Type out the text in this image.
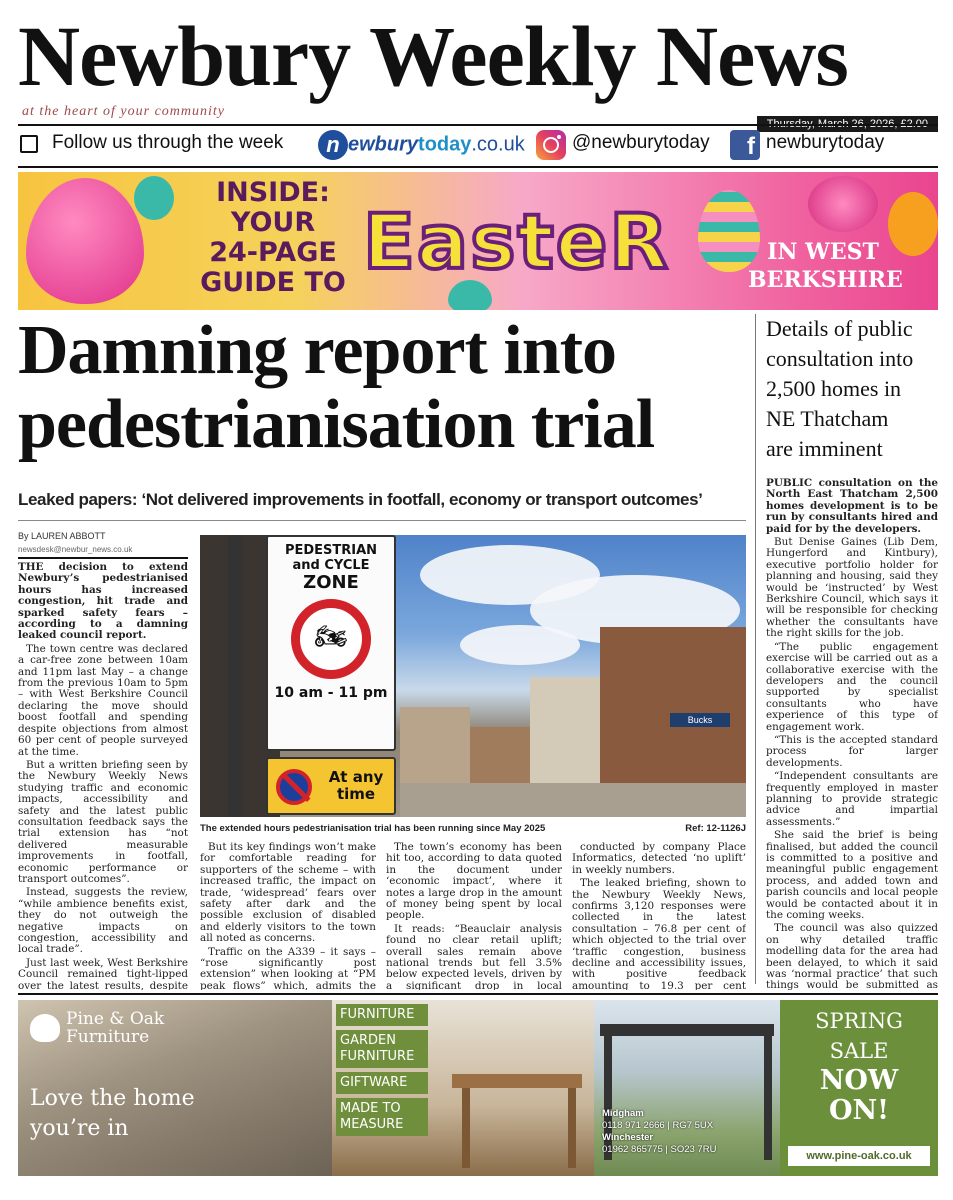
Newbury Weekly News
at the heart of your community
Follow us through the week	n ewburytoday.co.uk @newburytoday	f newburytoday
INSIDE:
YOUR
24-PAGE
GUIDE TO EasteR	IN WEST
BERKSHIRE
Damning report into
pedestrianisation trial
Leaked papers: ‘Not delivered improvements in footfall, economy or transport outcomes’
By LAUREN ABBOTT
newsdesk@newbur_news.co.uk

THE decision to extend Newbury’s pedestrianised hours has increased congestion, hit trade and sparked safety fears – according to a damning leaked council report.

The town centre was declared a car-free zone between 10am and 11pm last May – a change from the previous 10am to 5pm – with West Berkshire Council declaring the move should boost footfall and spending despite objections from almost 60 per cent of people surveyed at the time.

But a written briefing seen by the Newbury Weekly News studying traffic and economic impacts, accessibility and safety and the latest public consultation feedback says the trial extension has “not delivered measurable improvements in footfall, economic performance or transport outcomes”.

Instead, suggests the review, “while ambience benefits exist, they do not outweigh the negative impacts on congestion, accessibility and local trade”.

Just last week, West Berkshire Council remained tight-lipped over the latest results, despite

Bucks
PEDESTRIAN
and CYCLE
ZONE
🏍
10 am - 11 pm
At any
time
The extended hours pedestrianisation trial has been running since May 2025	Ref: 12-1126J

But its key findings won’t make for comfortable reading for supporters of the scheme – with increased traffic, the impact on trade, ‘widespread’ fears over safety after dark and the possible exclusion of disabled and elderly visitors to the town all noted as concerns.

Traffic on the A339 – it says – “rose significantly post extension” when looking at “PM peak flows” which, admits the

The town’s economy has been hit too, according to data quoted in the document under ‘economic impact’, where it notes a large drop in the amount of money being spent by local people.

It reads: “Beauclair analysis found no clear retail uplift; overall sales remain above national trends but fell 3.5% below expected levels, driven by a significant drop in local

conducted by company Place Informatics, detected ‘no uplift’ in weekly numbers.

The leaked briefing, shown to the Newbury Weekly News, confirms 3,120 responses were collected in the latest consultation – 76.8 per cent of which objected to the trial over ‘traffic congestion, business decline and accessibility issues, with positive feedback amounting to 19.3 per cent

Details of public
consultation into
2,500 homes in
NE Thatcham
are imminent

PUBLIC consultation on the North East Thatcham 2,500 homes development is to be run by consultants hired and paid for by the developers.

But Denise Gaines (Lib Dem, Hungerford and Kintbury), executive portfolio holder for planning and housing, said they would be ‘instructed’ by West Berkshire Council, which says it will be responsible for checking whether the consultants have the right skills for the job.

“The public engagement exercise will be carried out as a collaborative exercise with the developers and the council supported by specialist consultants who have experience of this type of engagement work.

“This is the accepted standard process for larger developments.

“Independent consultants are frequently employed in master planning to provide strategic advice and impartial assessments.”

She said the brief is being finalised, but added the council is committed to a positive and meaningful public engagement process, and added town and parish councils and local people would be contacted about it in the coming weeks.

The council was also quizzed on why detailed traffic modelling data for the area had been delayed, to which it said was ‘normal practice’ that such things would be submitted as

Pine & Oak
Furniture
Love the home
you’re in
FURNITURE
GARDEN FURNITURE
GIFTWARE
MADE TO MEASURE
Midgham
0118 971 2666 | RG7 5UX
Winchester
01962 865775 | SO23 7RU
SPRING
SALE
NOW
ON!
www.pine-oak.co.uk
